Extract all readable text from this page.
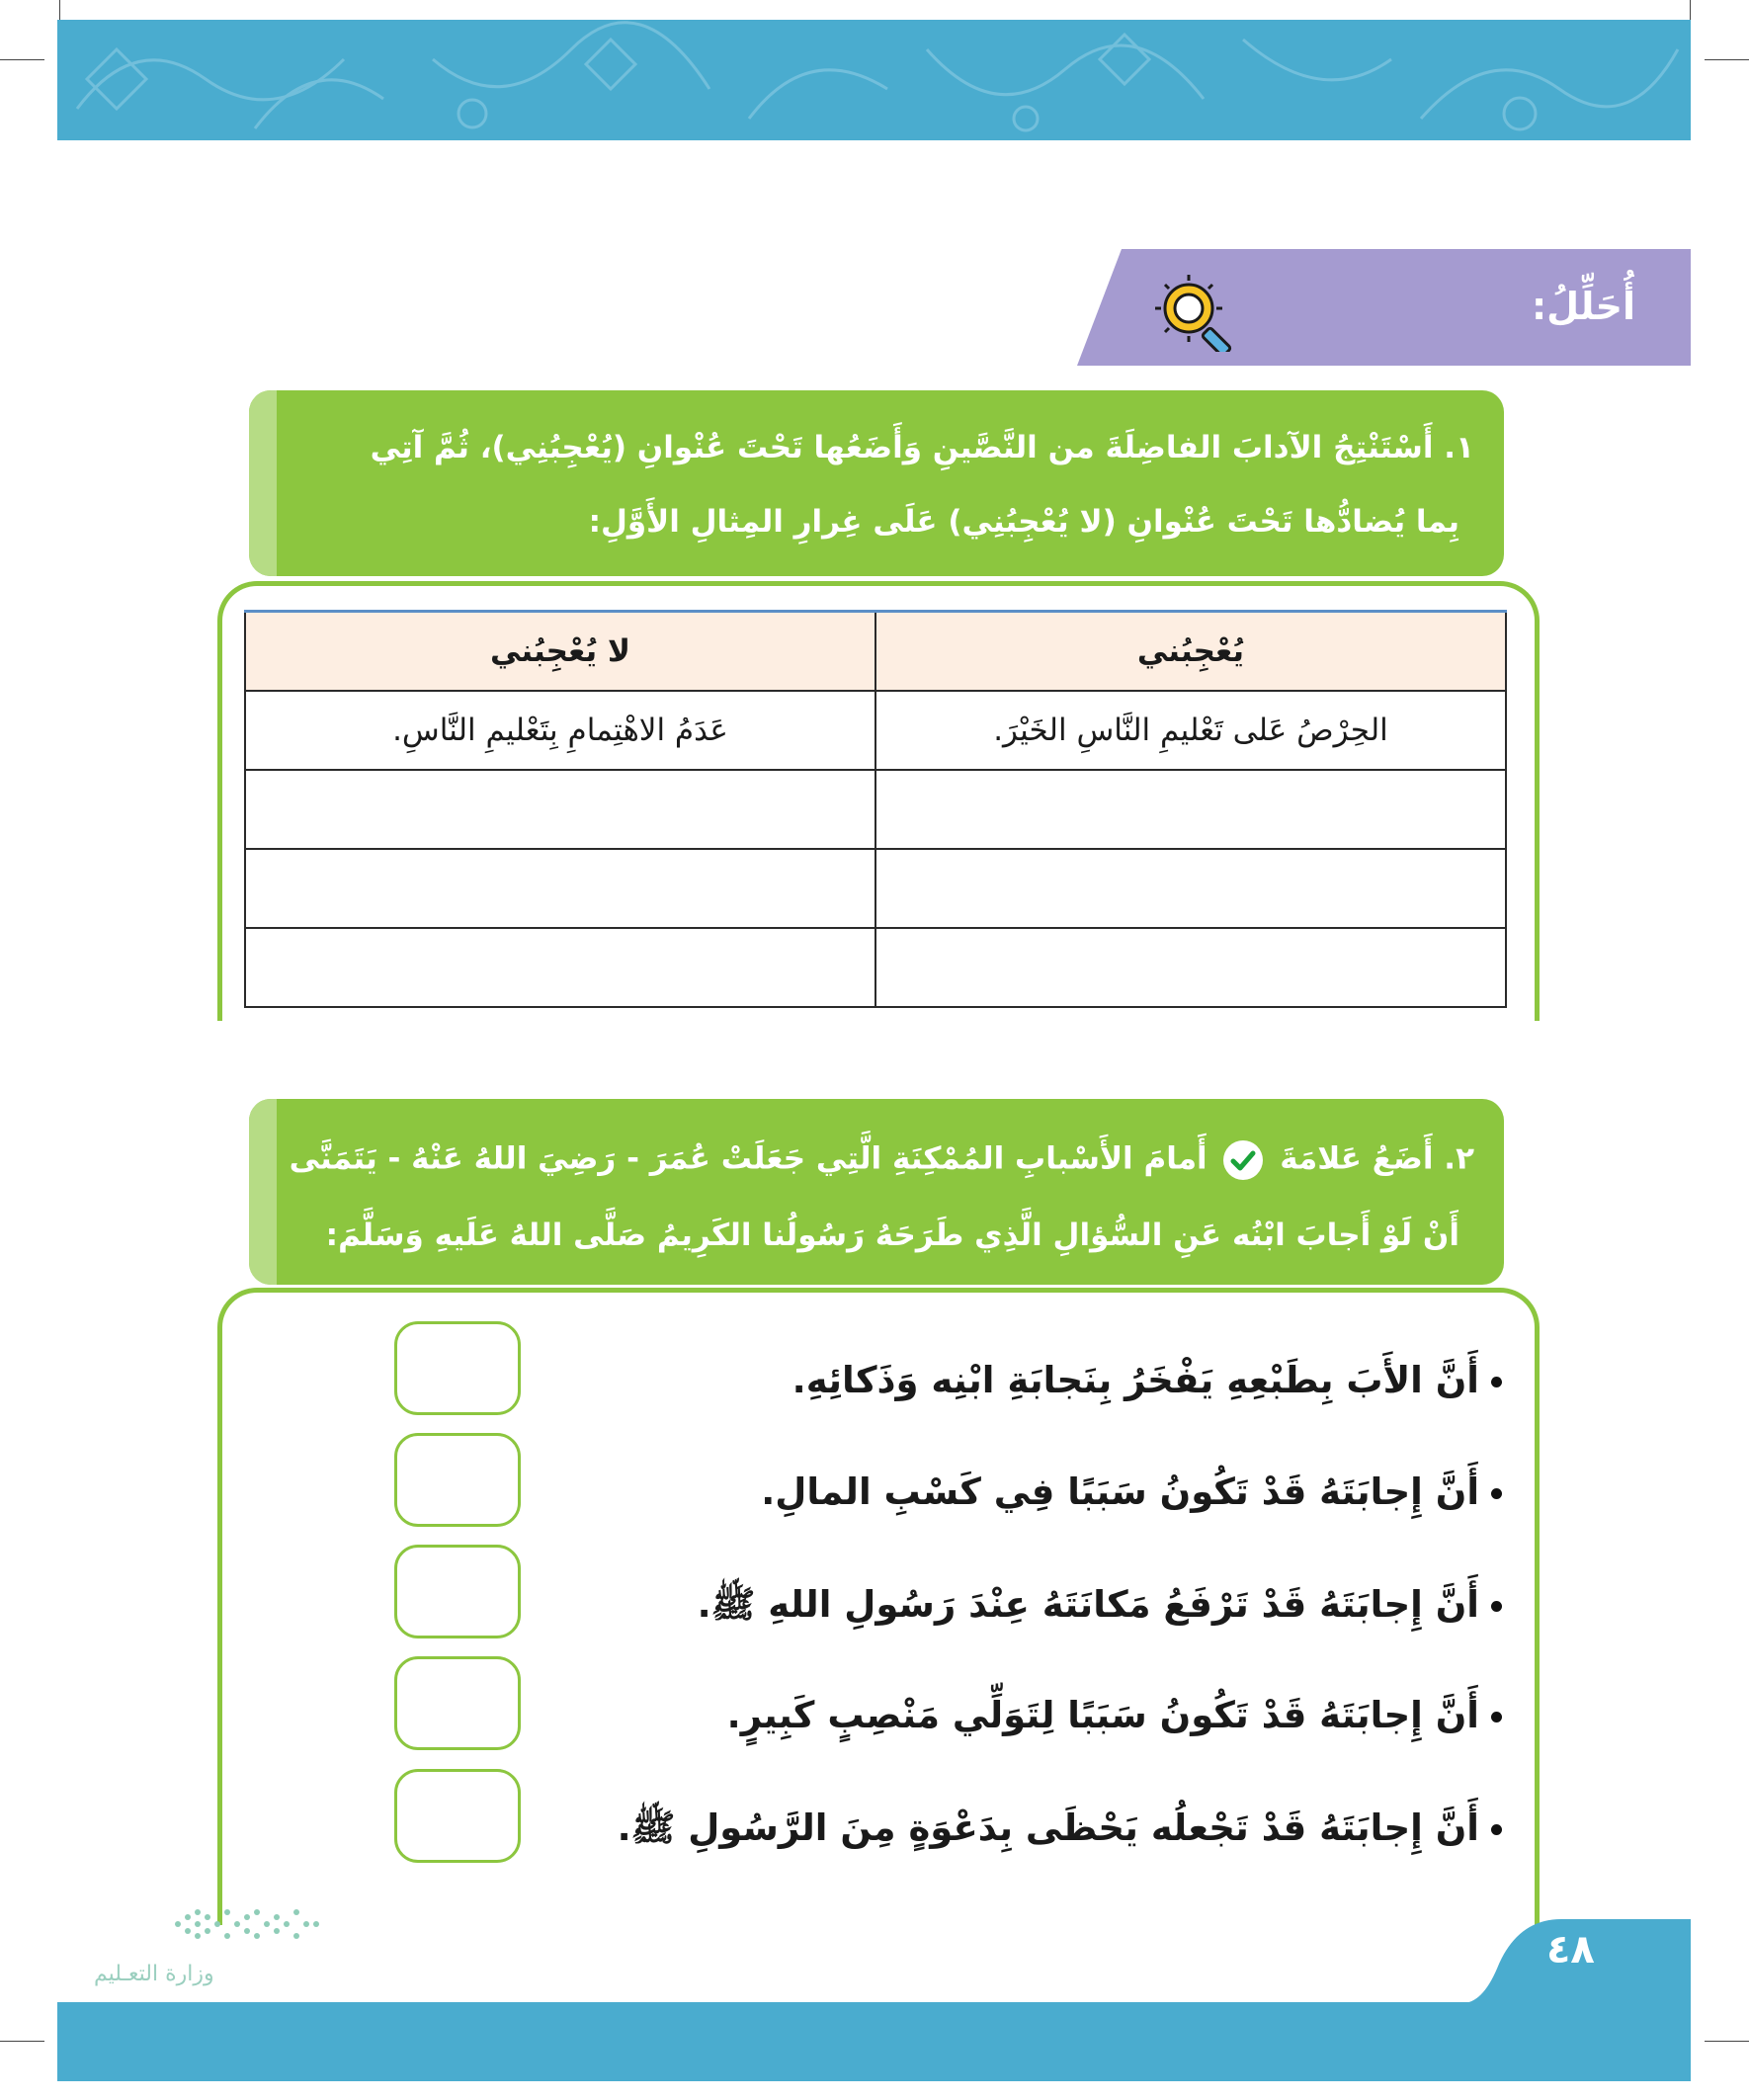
أُحَلِّلُ:
١. أَسْتَنْتِجُ الآدابَ الفاضِلَةَ من النَّصَّينِ وَأَضَعُها تَحْتَ عُنْوانِ (يُعْجِبُنِي)، ثُمَّ آتِي
بِما يُضادُّها تَحْتَ عُنْوانِ (لا يُعْجِبُنِي) عَلَى غِرارِ المِثالِ الأَوَّلِ:
يُعْجِبُني	لا يُعْجِبُني
الحِرْصُ عَلى تَعْليمِ النَّاسِ الخَيْرَ.	عَدَمُ الاهْتِمامِ بِتَعْليمِ النَّاسِ.

٢. أَضَعُ عَلامَةَ
أَمامَ الأَسْبابِ المُمْكِنَةِ الَّتِي جَعَلَتْ عُمَرَ - رَضِيَ اللهُ عَنْهُ - يَتَمَنَّى
أَنْ لَوْ أَجابَ ابْنُه عَنِ السُّؤالِ الَّذِي طَرَحَهُ رَسُولُنا الكَرِيمُ صَلَّى اللهُ عَلَيهِ وَسَلَّمَ:
أَنَّ الأَبَ بِطَبْعِهِ يَفْخَرُ بِنَجابَةِ ابْنِه وَذَكائِهِ.
أَنَّ إِجابَتَهُ قَدْ تَكُونُ سَبَبًا فِي كَسْبِ المالِ.
أَنَّ إِجابَتَهُ قَدْ تَرْفَعُ مَكانَتَهُ عِنْدَ رَسُولِ اللهِ ﷺ.
أَنَّ إِجابَتَهُ قَدْ تَكُونُ سَبَبًا لِتَوَلِّي مَنْصِبٍ كَبِيرٍ.
أَنَّ إِجابَتَهُ قَدْ تَجْعلُه يَحْظَى بِدَعْوَةٍ مِنَ الرَّسُولِ ﷺ.
وزارة التعـليم
٤٨
